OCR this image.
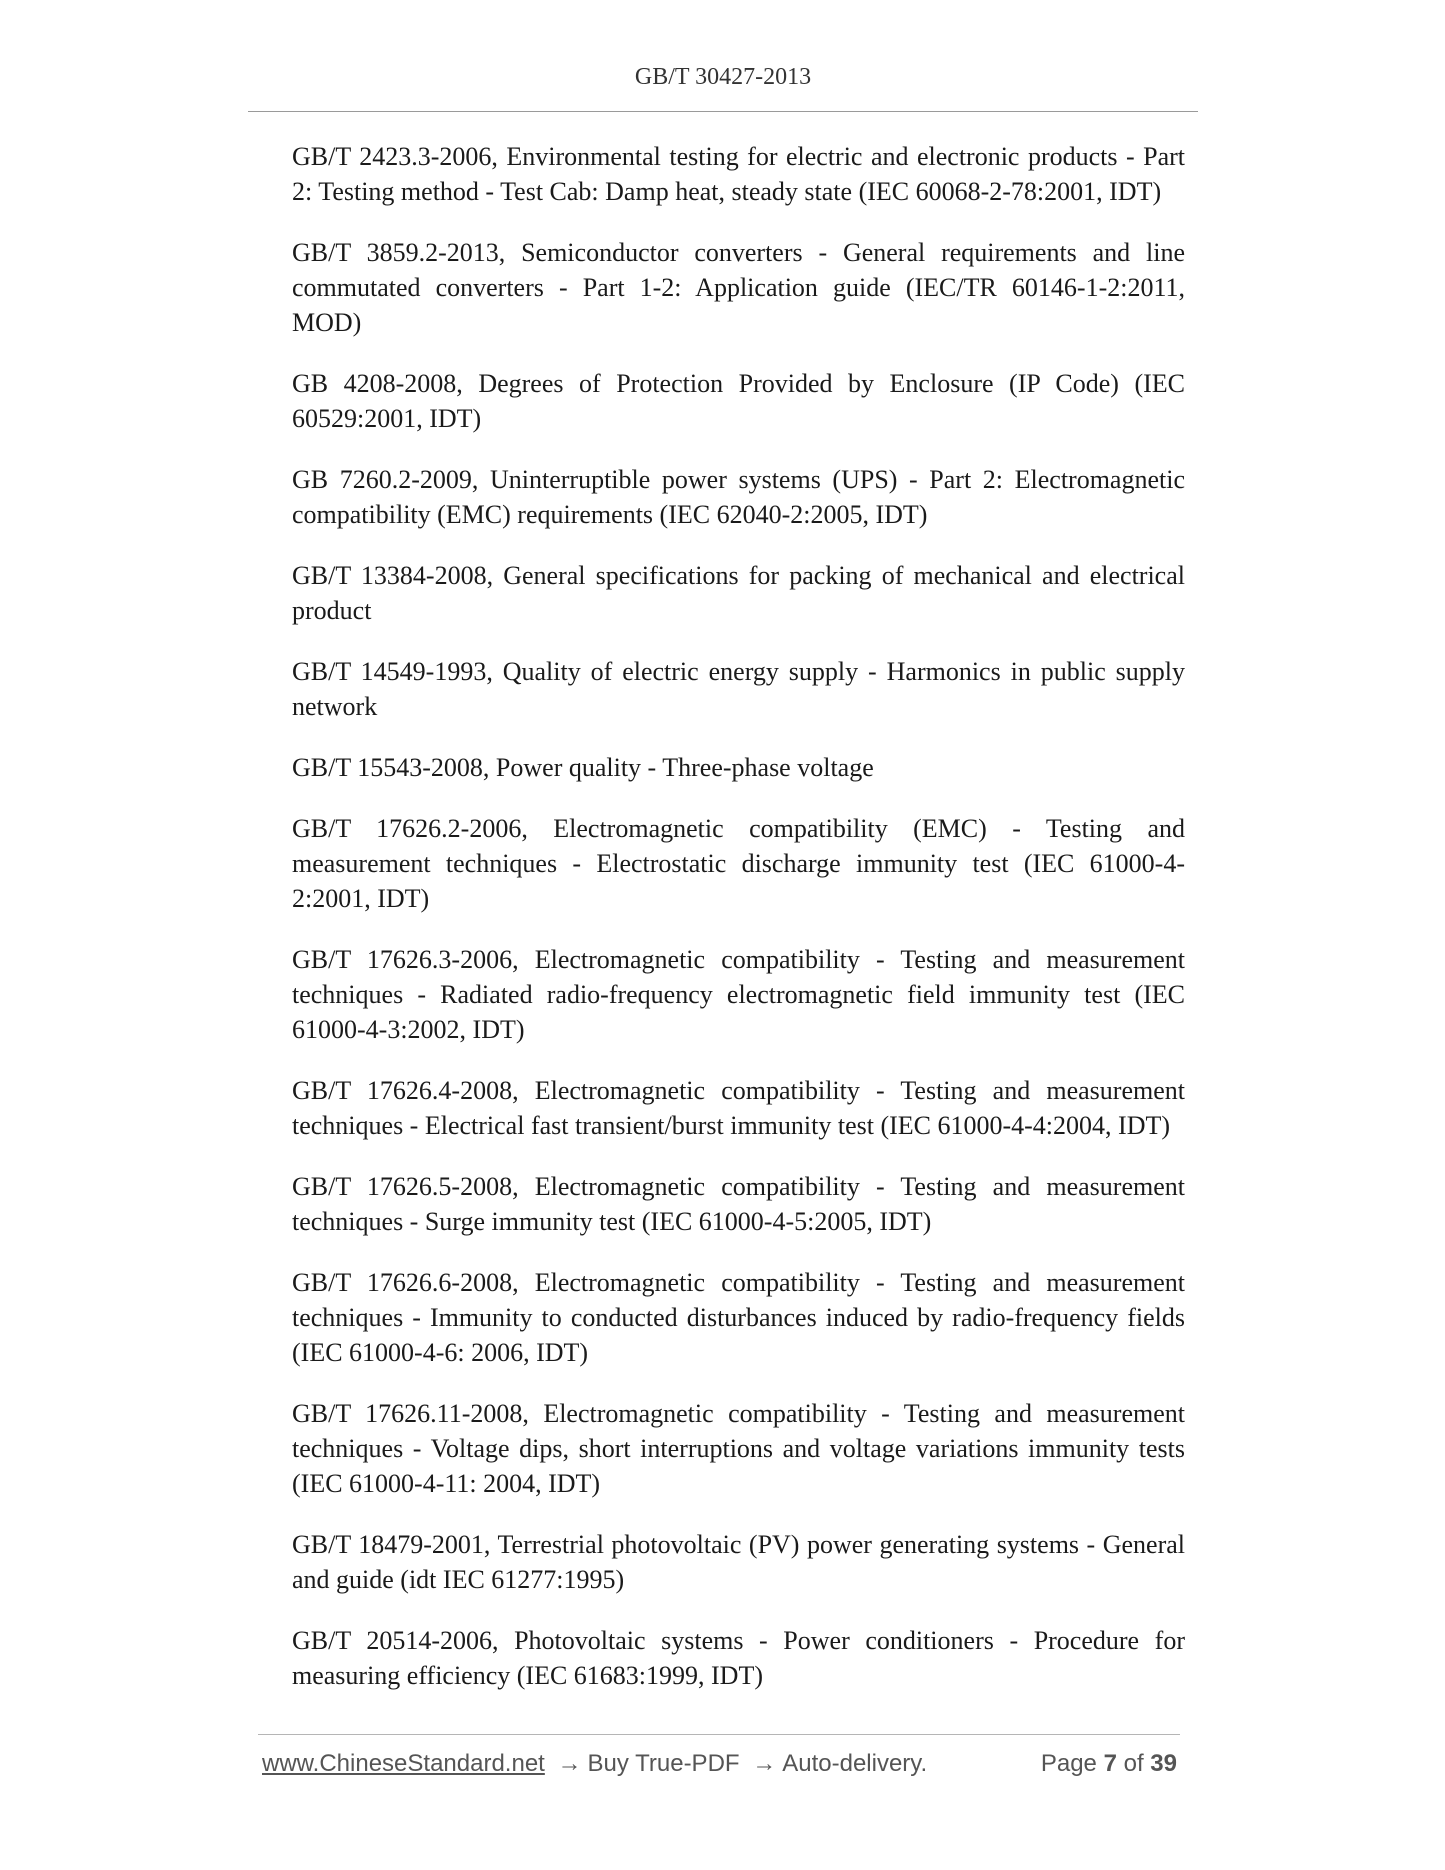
GB/T 30427-2013
GB/T 2423.3-2006, Environmental testing for electric and electronic products - Part 2: Testing method - Test Cab: Damp heat, steady state (IEC 60068-2-78:2001, IDT)
GB/T 3859.2-2013, Semiconductor converters - General requirements and line commutated converters - Part 1-2: Application guide (IEC/TR 60146-1-2:2011, MOD)
GB 4208-2008, Degrees of Protection Provided by Enclosure (IP Code) (IEC 60529:2001, IDT)
GB 7260.2-2009, Uninterruptible power systems (UPS) - Part 2: Electromagnetic compatibility (EMC) requirements (IEC 62040-2:2005, IDT)
GB/T 13384-2008, General specifications for packing of mechanical and electrical product
GB/T 14549-1993, Quality of electric energy supply - Harmonics in public supply network
GB/T 15543-2008, Power quality - Three-phase voltage
GB/T 17626.2-2006, Electromagnetic compatibility (EMC) - Testing and measurement techniques - Electrostatic discharge immunity test (IEC 61000-4-2:2001, IDT)
GB/T 17626.3-2006, Electromagnetic compatibility - Testing and measurement techniques - Radiated radio-frequency electromagnetic field immunity test (IEC 61000-4-3:2002, IDT)
GB/T 17626.4-2008, Electromagnetic compatibility - Testing and measurement techniques - Electrical fast transient/burst immunity test (IEC 61000-4-4:2004, IDT)
GB/T 17626.5-2008, Electromagnetic compatibility - Testing and measurement techniques - Surge immunity test (IEC 61000-4-5:2005, IDT)
GB/T 17626.6-2008, Electromagnetic compatibility - Testing and measurement techniques - Immunity to conducted disturbances induced by radio-frequency fields (IEC 61000-4-6: 2006, IDT)
GB/T 17626.11-2008, Electromagnetic compatibility - Testing and measurement techniques - Voltage dips, short interruptions and voltage variations immunity tests (IEC 61000-4-11: 2004, IDT)
GB/T 18479-2001, Terrestrial photovoltaic (PV) power generating systems - General and guide (idt IEC 61277:1995)
GB/T 20514-2006, Photovoltaic systems - Power conditioners - Procedure for measuring efficiency (IEC 61683:1999, IDT)
www.ChineseStandard.net → Buy True-PDF → Auto-delivery.	Page 7 of 39
